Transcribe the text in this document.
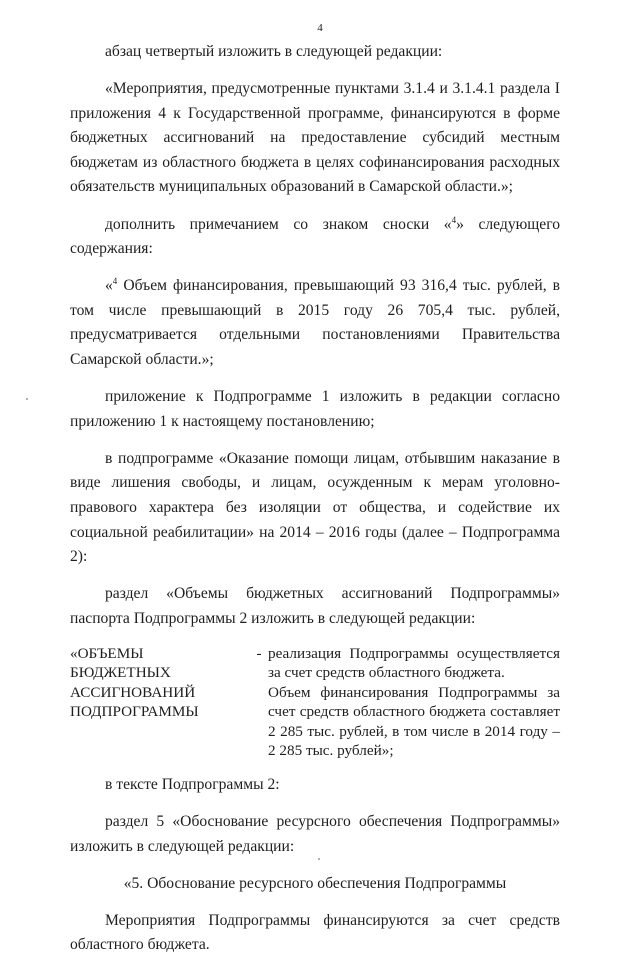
4

абзац четвертый изложить в следующей редакции:

«Мероприятия, предусмотренные пунктами 3.1.4 и 3.1.4.1 раздела I приложения 4 к Государственной программе, финансируются в форме бюджетных ассигнований на предоставление субсидий местным бюджетам из областного бюджета в целях софинансирования расходных обязательств муниципальных образований в Самарской области.»;

дополнить примечанием со знаком сноски «$^4$» следующего содержания:

«$^4$ Объем финансирования, превышающий 93 316,4 тыс. рублей, в том числе превышающий в 2015 году 26 705,4 тыс. рублей, предусматривается отдельными постановлениями Правительства Самарской области.»;

приложение к Подпрограмме 1 изложить в редакции согласно приложению 1 к настоящему постановлению;

в подпрограмме «Оказание помощи лицам, отбывшим наказание в виде лишения свободы, и лицам, осужденным к мерам уголовно-правового характера без изоляции от общества, и содействие их социальной реабилитации» на 2014 – 2016 годы (далее – Подпрограмма 2):

раздел «Объемы бюджетных ассигнований Подпрограммы» паспорта Подпрограммы 2 изложить в следующей редакции:

«ОБЪЕМЫ
БЮДЖЕТНЫХ
АССИГНОВАНИЙ
ПОДПРОГРАММЫ
- реализация Подпрограммы осуществляется за счет средств областного бюджета.
Объем финансирования Подпрограммы за счет средств областного бюджета составляет 2 285 тыс. рублей, в том числе в 2014 году – 2 285 тыс. рублей»;

в тексте Подпрограммы 2:

раздел 5 «Обоснование ресурсного обеспечения Подпрограммы» изложить в следующей редакции:

«5. Обоснование ресурсного обеспечения Подпрограммы

Мероприятия Подпрограммы финансируются за счет средств областного бюджета.
